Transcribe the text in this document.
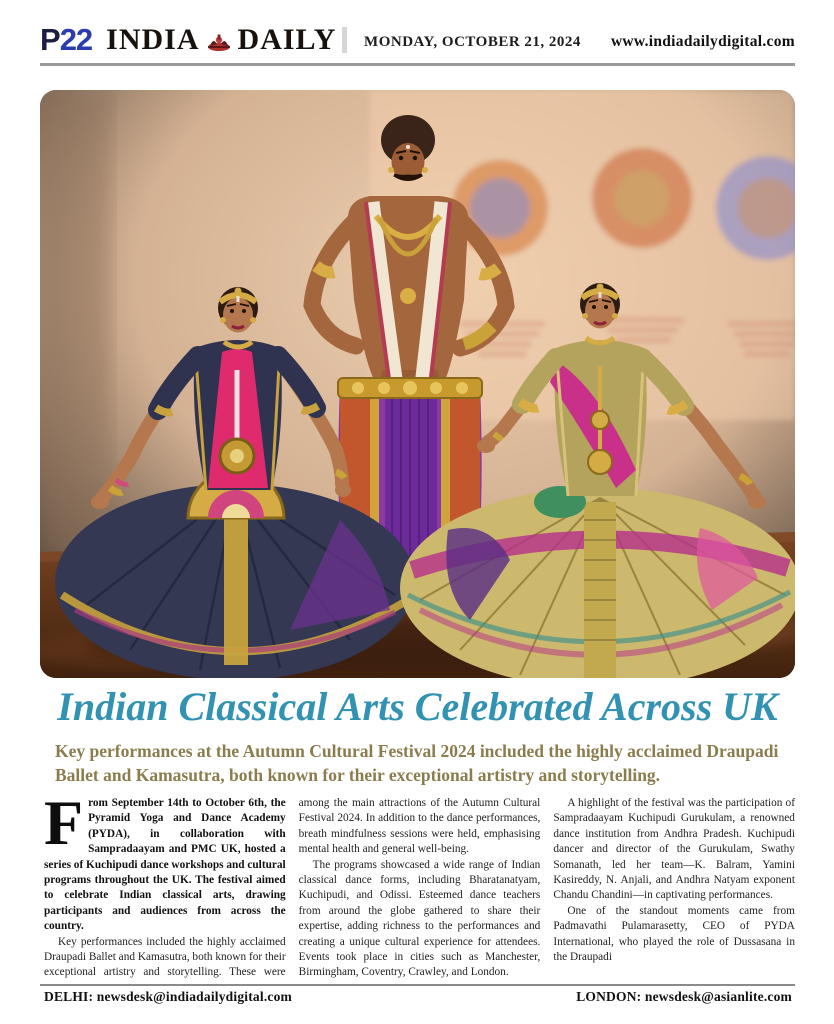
P22 INDIA DAILY MONDAY, OCTOBER 21, 2024 www.indiadailydigital.com
Indian Classical Arts Celebrated Across UK
Key performances at the Autumn Cultural Festival 2024 included the highly acclaimed Draupadi Ballet and Kamasutra, both known for their exceptional artistry and storytelling.

From September 14th to October 6th, the Pyramid Yoga and Dance Academy (PYDA), in collaboration with Sampradaayam and PMC UK, hosted a series of Kuchipudi dance workshops and cultural programs throughout the UK. The festival aimed to celebrate Indian classical arts, drawing participants and audiences from across the country.

Key performances included the highly acclaimed Draupadi Ballet and Kamasutra, both known for their exceptional artistry and storytelling. These were among the main attractions of the Autumn Cultural Festival 2024. In addition to the dance performances, breath mindfulness sessions were held, emphasising mental health and general well-being.

The programs showcased a wide range of Indian classical dance forms, including Bharatanatyam, Kuchipudi, and Odissi. Esteemed dance teachers from around the globe gathered to share their expertise, adding richness to the performances and creating a unique cultural experience for attendees. Events took place in cities such as Manchester, Birmingham, Coventry, Crawley, and London.

A highlight of the festival was the participation of Sampradaayam Kuchipudi Gurukulam, a renowned dance institution from Andhra Pradesh. Kuchipudi dancer and director of the Gurukulam, Swathy Somanath, led her team—K. Balram, Yamini Kasireddy, N. Anjali, and Andhra Natyam exponent Chandu Chandini—in captivating performances.

One of the standout moments came from Padmavathi Pulamarasetty, CEO of PYDA International, who played the role of Dussasana in the Draupadi

DELHI: newsdesk@indiadailydigital.com	LONDON: newsdesk@asianlite.com
